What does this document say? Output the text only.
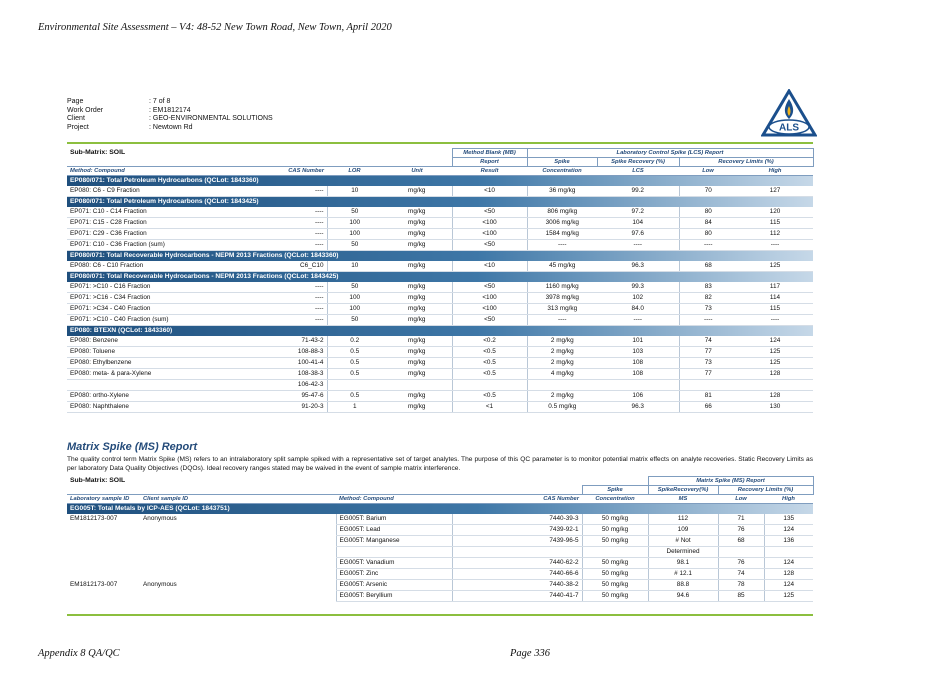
Environmental Site Assessment – V4: 48-52 New Town Road, New Town, April 2020
Page	: 7 of 8
Work Order	: EM1812174
Client	: GEO-ENVIRONMENTAL SOLUTIONS
Project	: Newtown Rd	ALS
Sub-Matrix: SOIL				Method Blank (MB)	Laboratory Control Spike (LCS) Report			
				Report	Spike	Spike Recovery (%)	Recovery Limits (%)	
Method: Compound	CAS Number	LOR	Unit	Result	Concentration	LCS	Low	High
EP080/071: Total Petroleum Hydrocarbons (QCLot: 1843360)								
EP080: C6 - C9 Fraction	----	10	mg/kg	<10	36 mg/kg	99.2	70	127
EP080/071: Total Petroleum Hydrocarbons (QCLot: 1843425)								
EP071: C10 - C14 Fraction	----	50	mg/kg	<50	806 mg/kg	97.2	80	120
EP071: C15 - C28 Fraction	----	100	mg/kg	<100	3006 mg/kg	104	84	115
EP071: C29 - C36 Fraction	----	100	mg/kg	<100	1584 mg/kg	97.6	80	112
EP071: C10 - C36 Fraction (sum)	----	50	mg/kg	<50	----	----	----	----
EP080/071: Total Recoverable Hydrocarbons - NEPM 2013 Fractions (QCLot: 1843360)								
EP080: C6 - C10 Fraction	C6_C10	10	mg/kg	<10	45 mg/kg	96.3	68	125
EP080/071: Total Recoverable Hydrocarbons - NEPM 2013 Fractions (QCLot: 1843425)								
EP071: >C10 - C16 Fraction	----	50	mg/kg	<50	1160 mg/kg	99.3	83	117
EP071: >C16 - C34 Fraction	----	100	mg/kg	<100	3978 mg/kg	102	82	114
EP071: >C34 - C40 Fraction	----	100	mg/kg	<100	313 mg/kg	84.0	73	115
EP071: >C10 - C40 Fraction (sum)	----	50	mg/kg	<50	----	----	----	----
EP080: BTEXN (QCLot: 1843360)								
EP080: Benzene	71-43-2	0.2	mg/kg	<0.2	2 mg/kg	101	74	124
EP080: Toluene	108-88-3	0.5	mg/kg	<0.5	2 mg/kg	103	77	125
EP080: Ethylbenzene	100-41-4	0.5	mg/kg	<0.5	2 mg/kg	108	73	125
EP080: meta- & para-Xylene	108-38-3	0.5	mg/kg	<0.5	4 mg/kg	108	77	128
	106-42-3							
EP080: ortho-Xylene	95-47-6	0.5	mg/kg	<0.5	2 mg/kg	106	81	128
EP080: Naphthalene	91-20-3	1	mg/kg	<1	0.5 mg/kg	96.3	66	130
Matrix Spike (MS) Report
The quality control term Matrix Spike (MS) refers to an intralaboratory split sample spiked with a representative set of target analytes. The purpose of this QC parameter is to monitor potential matrix effects on analyte recoveries. Static Recovery Limits as per laboratory Data Quality Objectives (DQOs). Ideal recovery ranges stated may be waived in the event of sample matrix interference.
Sub-Matrix: SOIL					Matrix Spike (MS) Report		
				Spike	SpikeRecovery(%)	Recovery Limits (%)	
Laboratory sample ID	Client sample ID	Method: Compound	CAS Number	Concentration	MS	Low	High
EG005T: Total Metals by ICP-AES (QCLot: 1843751)							
EM1812173-007	Anonymous	EG005T: Barium	7440-39-3	50 mg/kg	112	71	135
		EG005T: Lead	7439-92-1	50 mg/kg	109	76	124
		EG005T: Manganese	7439-96-5	50 mg/kg	# Not	68	136
					Determined		
		EG005T: Vanadium	7440-62-2	50 mg/kg	98.1	76	124
		EG005T: Zinc	7440-66-6	50 mg/kg	# 12.1	74	128
EM1812173-007	Anonymous	EG005T: Arsenic	7440-38-2	50 mg/kg	88.8	78	124
		EG005T: Beryllium	7440-41-7	50 mg/kg	94.6	85	125
Appendix 8 QA/QC	Page 336
